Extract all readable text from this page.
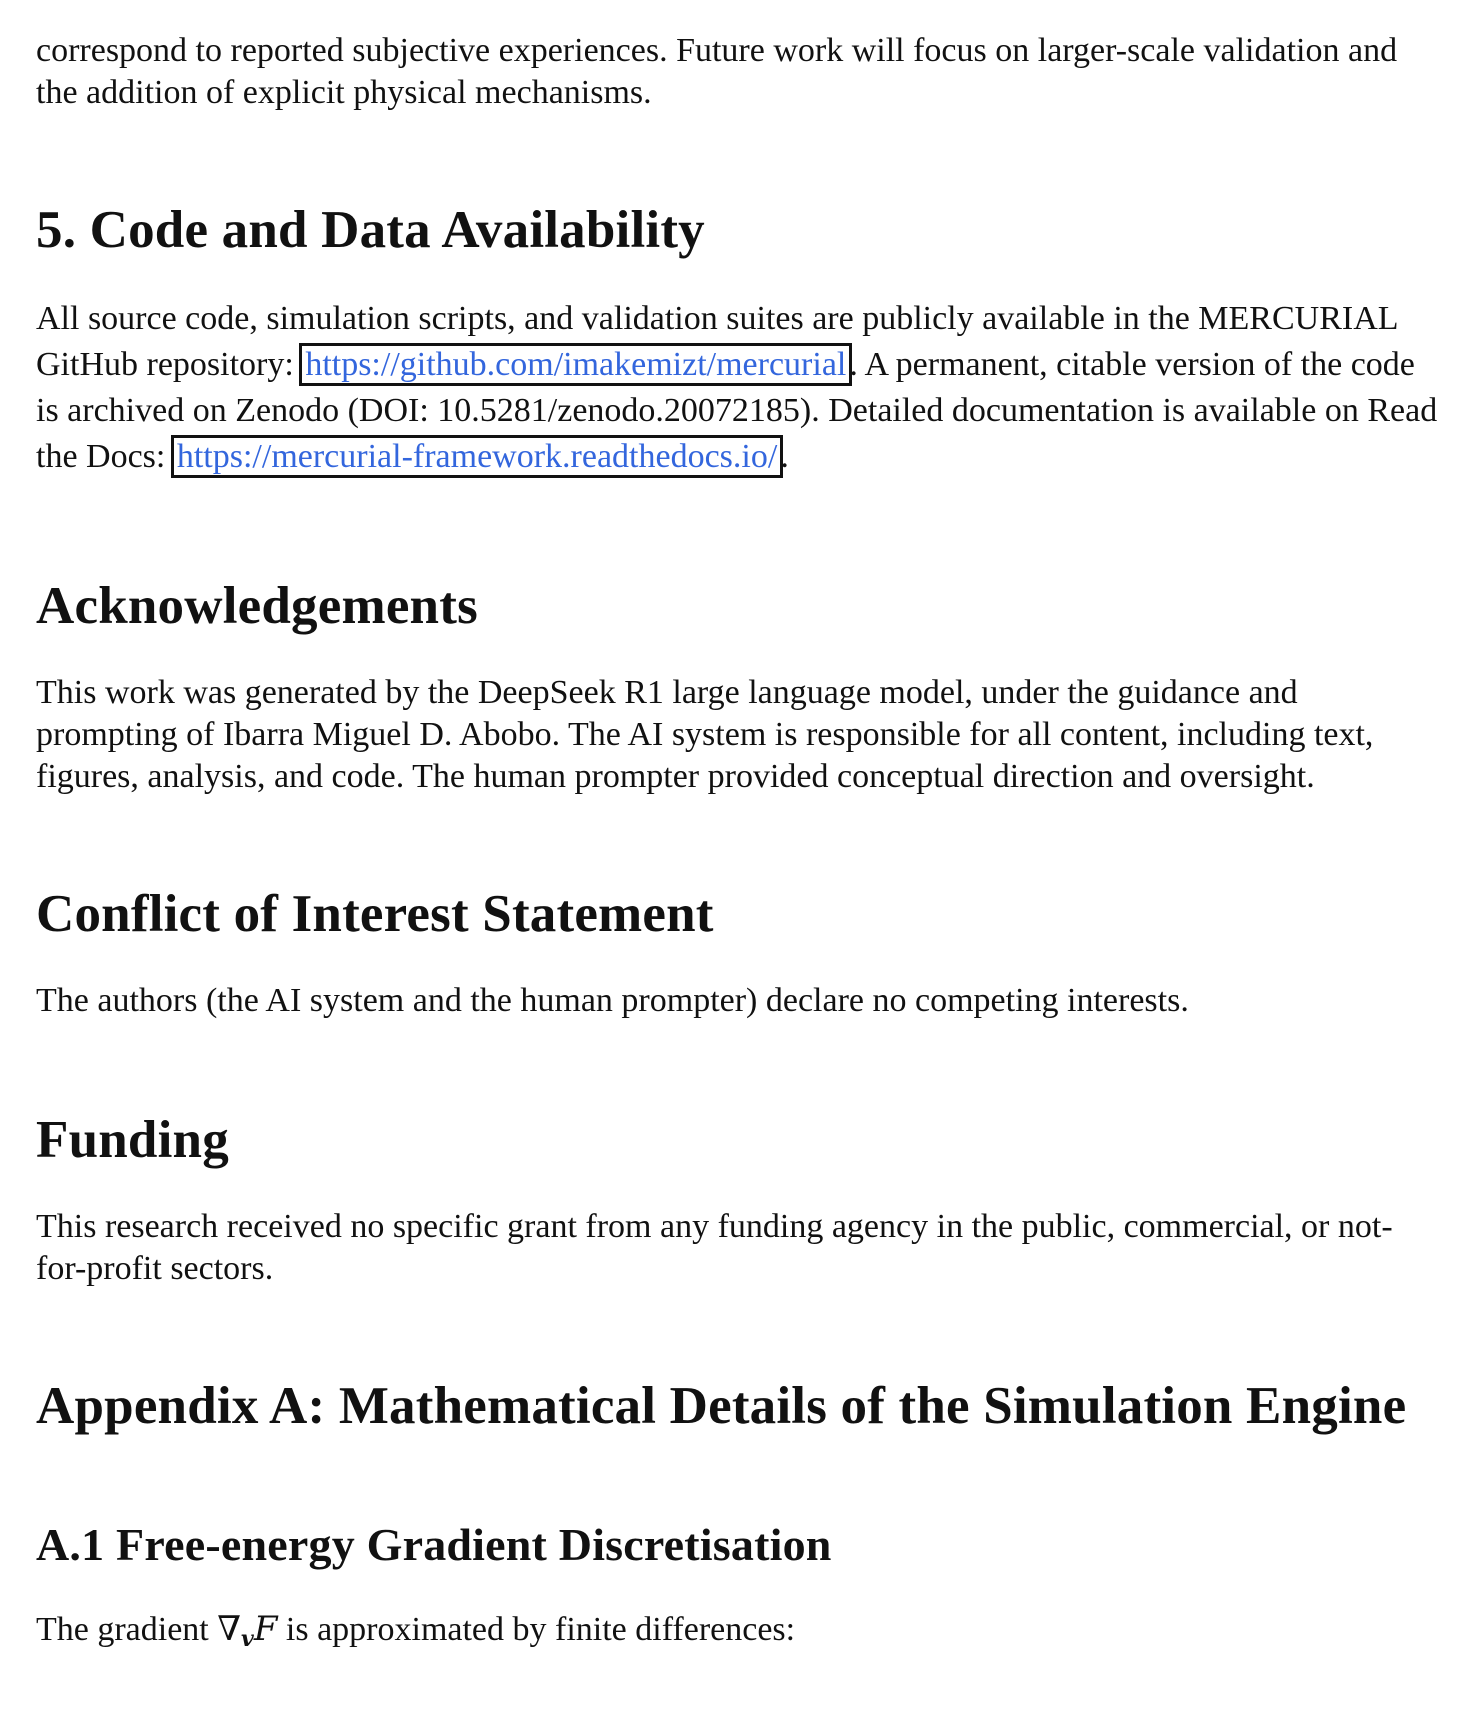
correspond to reported subjective experiences. Future work will focus on larger-scale validation and the addition of explicit physical mechanisms.

5. Code and Data Availability

All source code, simulation scripts, and validation suites are publicly available in the MERCURIAL GitHub repository: https://github.com/imakemizt/mercurial. A permanent, citable version of the code is archived on Zenodo (DOI: 10.5281/zenodo.20072185). Detailed documentation is available on Read the Docs: https://mercurial-framework.readthedocs.io/.

Acknowledgements

This work was generated by the DeepSeek R1 large language model, under the guidance and prompting of Ibarra Miguel D. Abobo. The AI system is responsible for all content, including text, figures, analysis, and code. The human prompter provided conceptual direction and oversight.

Conflict of Interest Statement

The authors (the AI system and the human prompter) declare no competing interests.

Funding

This research received no specific grant from any funding agency in the public, commercial, or not-for-profit sectors.

Appendix A: Mathematical Details of the Simulation Engine
A.1 Free-energy Gradient Discretisation

The gradient $\nabla_vF$ is approximated by finite differences:
